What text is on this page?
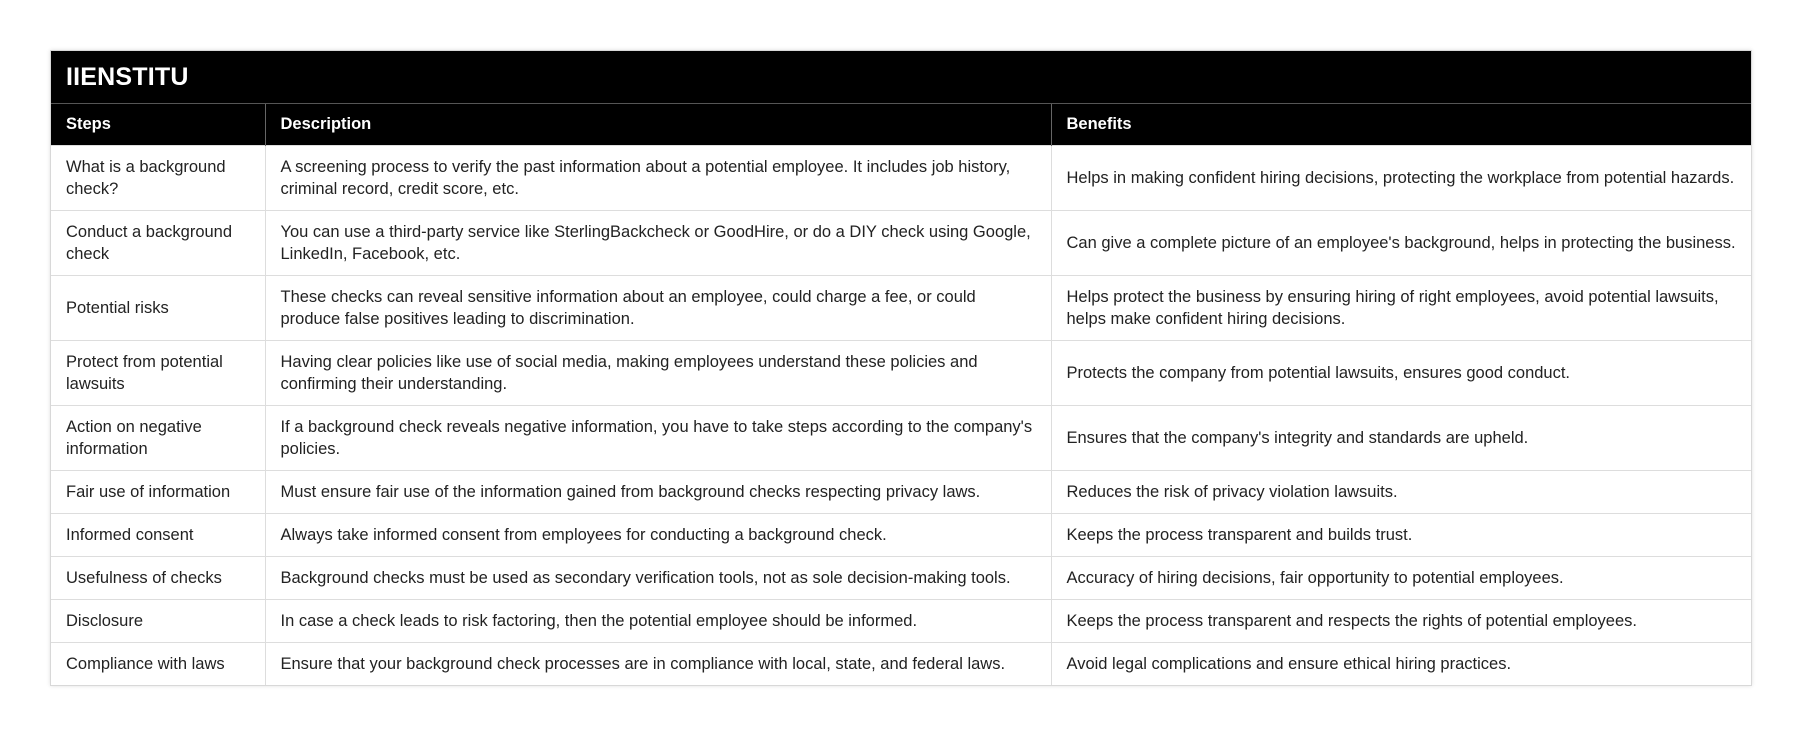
IIENSTITU
Steps	Description	Benefits
What is a background check?	A screening process to verify the past information about a potential employee. It includes job history, criminal record, credit score, etc.	Helps in making confident hiring decisions, protecting the workplace from potential hazards.
Conduct a background check	You can use a third-party service like SterlingBackcheck or GoodHire, or do a DIY check using Google, LinkedIn, Facebook, etc.	Can give a complete picture of an employee's background, helps in protecting the business.
Potential risks	These checks can reveal sensitive information about an employee, could charge a fee, or could produce false positives leading to discrimination.	Helps protect the business by ensuring hiring of right employees, avoid potential lawsuits, helps make confident hiring decisions.
Protect from potential lawsuits	Having clear policies like use of social media, making employees understand these policies and confirming their understanding.	Protects the company from potential lawsuits, ensures good conduct.
Action on negative information	If a background check reveals negative information, you have to take steps according to the company's policies.	Ensures that the company's integrity and standards are upheld.
Fair use of information	Must ensure fair use of the information gained from background checks respecting privacy laws.	Reduces the risk of privacy violation lawsuits.
Informed consent	Always take informed consent from employees for conducting a background check.	Keeps the process transparent and builds trust.
Usefulness of checks	Background checks must be used as secondary verification tools, not as sole decision-making tools.	Accuracy of hiring decisions, fair opportunity to potential employees.
Disclosure	In case a check leads to risk factoring, then the potential employee should be informed.	Keeps the process transparent and respects the rights of potential employees.
Compliance with laws	Ensure that your background check processes are in compliance with local, state, and federal laws.	Avoid legal complications and ensure ethical hiring practices.
